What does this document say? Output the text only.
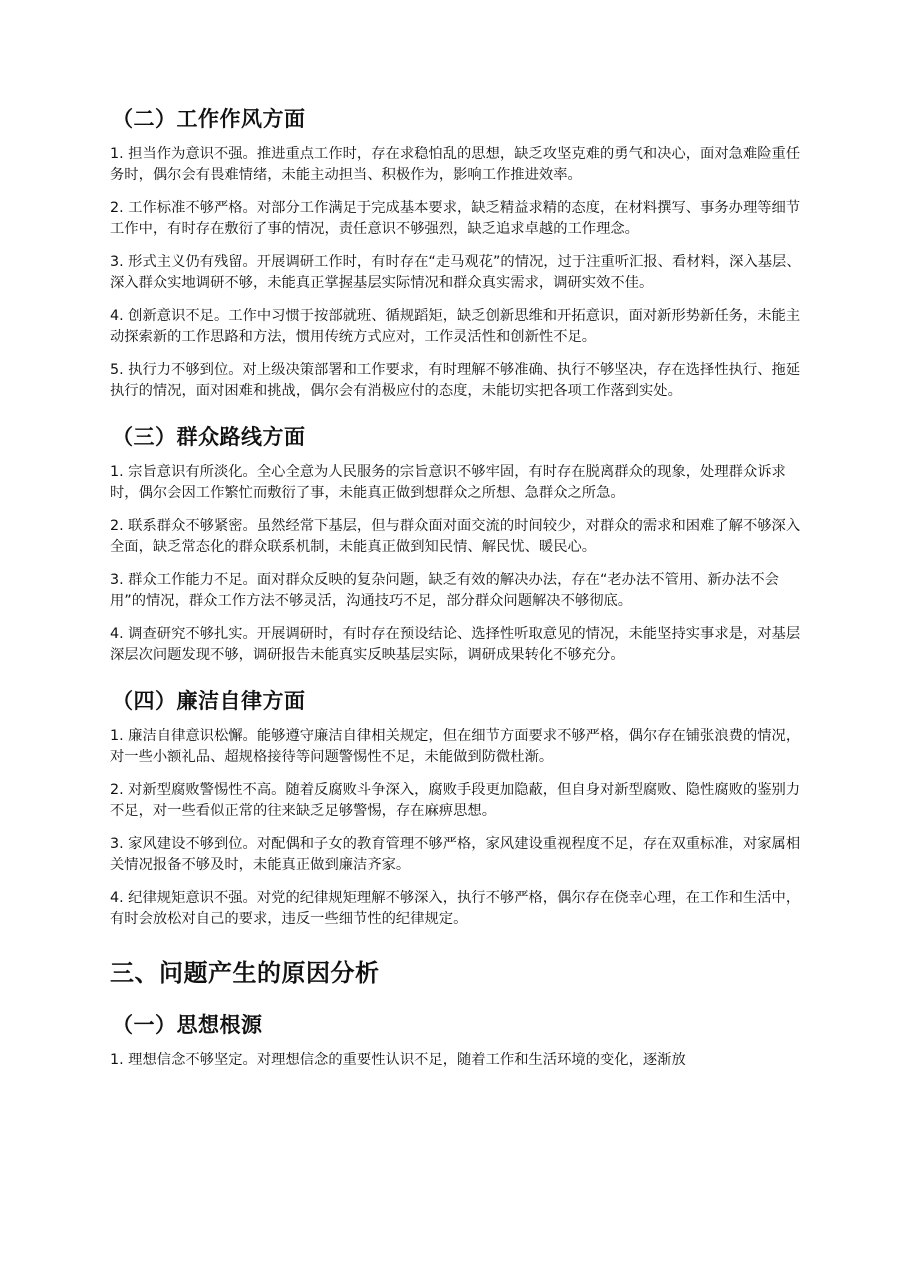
（二）工作作风方面

1. 担当作为意识不强。推进重点工作时，存在求稳怕乱的思想，缺乏攻坚克难的勇气和决心，面对急难险重任务时，偶尔会有畏难情绪，未能主动担当、积极作为，影响工作推进效率。

2. 工作标准不够严格。对部分工作满足于完成基本要求，缺乏精益求精的态度，在材料撰写、事务办理等细节工作中，有时存在敷衍了事的情况，责任意识不够强烈，缺乏追求卓越的工作理念。

3. 形式主义仍有残留。开展调研工作时，有时存在“走马观花”的情况，过于注重听汇报、看材料，深入基层、深入群众实地调研不够，未能真正掌握基层实际情况和群众真实需求，调研实效不佳。

4. 创新意识不足。工作中习惯于按部就班、循规蹈矩，缺乏创新思维和开拓意识，面对新形势新任务，未能主动探索新的工作思路和方法，惯用传统方式应对，工作灵活性和创新性不足。

5. 执行力不够到位。对上级决策部署和工作要求，有时理解不够准确、执行不够坚决，存在选择性执行、拖延执行的情况，面对困难和挑战，偶尔会有消极应付的态度，未能切实把各项工作落到实处。

（三）群众路线方面

1. 宗旨意识有所淡化。全心全意为人民服务的宗旨意识不够牢固，有时存在脱离群众的现象，处理群众诉求时，偶尔会因工作繁忙而敷衍了事，未能真正做到想群众之所想、急群众之所急。

2. 联系群众不够紧密。虽然经常下基层，但与群众面对面交流的时间较少，对群众的需求和困难了解不够深入全面，缺乏常态化的群众联系机制，未能真正做到知民情、解民忧、暖民心。

3. 群众工作能力不足。面对群众反映的复杂问题，缺乏有效的解决办法，存在“老办法不管用、新办法不会用”的情况，群众工作方法不够灵活，沟通技巧不足，部分群众问题解决不够彻底。

4. 调查研究不够扎实。开展调研时，有时存在预设结论、选择性听取意见的情况，未能坚持实事求是，对基层深层次问题发现不够，调研报告未能真实反映基层实际，调研成果转化不够充分。

（四）廉洁自律方面

1. 廉洁自律意识松懈。能够遵守廉洁自律相关规定，但在细节方面要求不够严格，偶尔存在铺张浪费的情况，对一些小额礼品、超规格接待等问题警惕性不足，未能做到防微杜渐。

2. 对新型腐败警惕性不高。随着反腐败斗争深入，腐败手段更加隐蔽，但自身对新型腐败、隐性腐败的鉴别力不足，对一些看似正常的往来缺乏足够警惕，存在麻痹思想。

3. 家风建设不够到位。对配偶和子女的教育管理不够严格，家风建设重视程度不足，存在双重标准，对家属相关情况报备不够及时，未能真正做到廉洁齐家。

4. 纪律规矩意识不强。对党的纪律规矩理解不够深入，执行不够严格，偶尔存在侥幸心理，在工作和生活中，有时会放松对自己的要求，违反一些细节性的纪律规定。

三、问题产生的原因分析
（一）思想根源

1. 理想信念不够坚定。对理想信念的重要性认识不足，随着工作和生活环境的变化，逐渐放
